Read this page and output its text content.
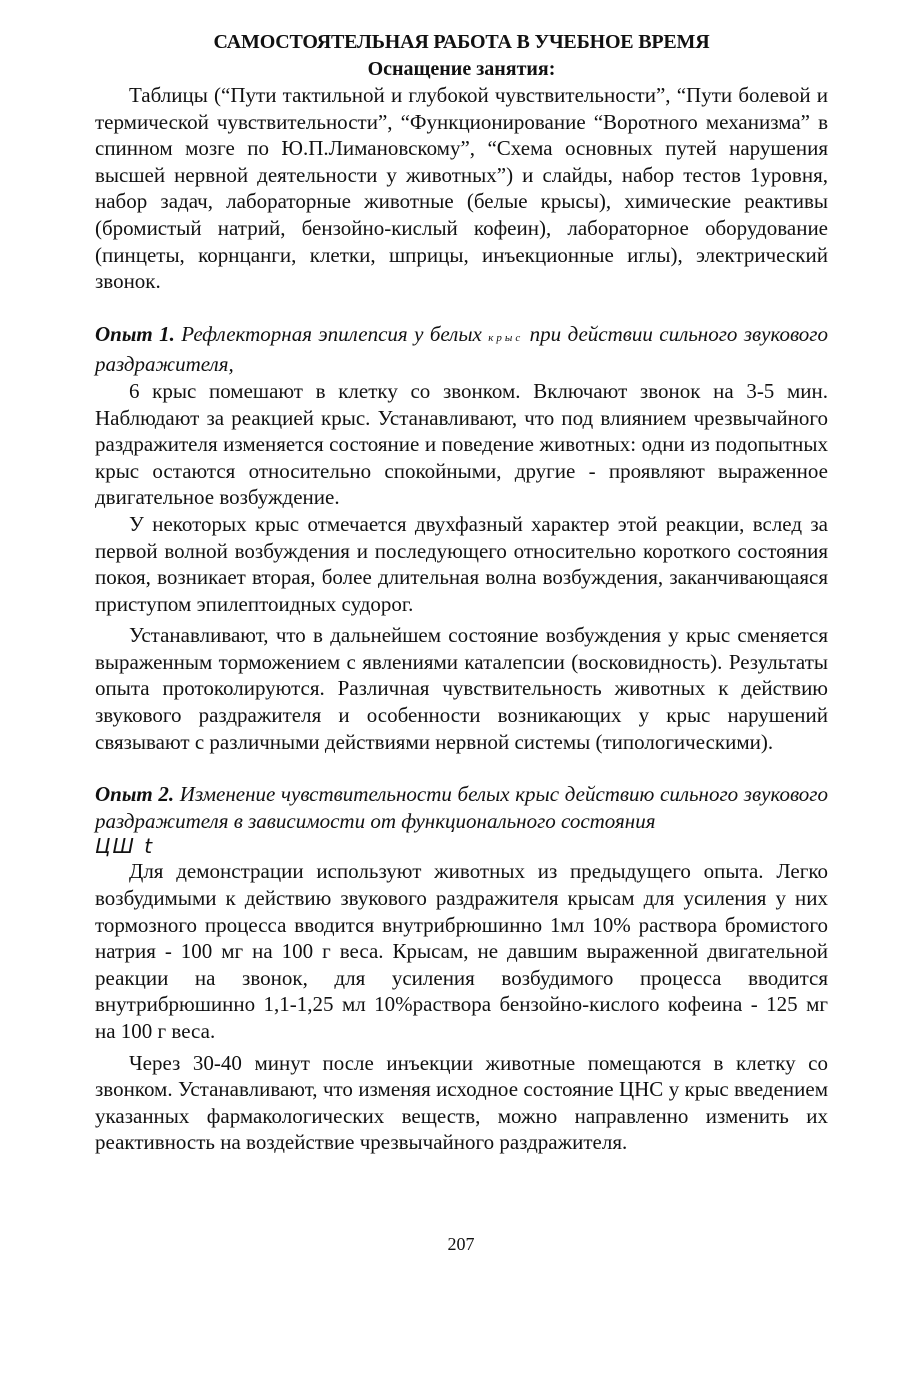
САМОСТОЯТЕЛЬНАЯ РАБОТА В УЧЕБНОЕ ВРЕМЯ
Оснащение занятия:

Таблицы (“Пути тактильной и глубокой чувствительности”, “Пути болевой и термической чувствительности”, “Функционирование “Воротного механизма” в спинном мозге по Ю.П.Лимановскому”, “Схема основных путей нарушения высшей нервной деятельности у животных”) и слайды, набор тестов 1уровня, набор задач, лабораторные животные (белые крысы), химические реактивы (бромистый натрий, бензойно-кислый кофеин), лабораторное оборудование (пинцеты, корнцанги, клетки, шприцы, инъекционные иглы), электрический звонок.

Опыт 1. Рефлекторная эпилепсия у белых крыс при действии сильного звукового раздражителя,

6 крыс помешают в клетку со звонком. Включают звонок на 3-5 мин. Наблюдают за реакцией крыс. Устанавливают, что под влиянием чрезвычайного раздражителя изменяется состояние и поведение животных: одни из подопытных крыс остаются относительно спокойными, другие - проявляют выраженное двигательное возбуждение.

У некоторых крыс отмечается двухфазный характер этой реакции, вслед за первой волной возбуждения и последующего относительно короткого состояния покоя, возникает вторая, более длительная волна возбуждения, заканчивающаяся приступом эпилептоидных судорог.

Устанавливают, что в дальнейшем состояние возбуждения у крыс сменяется выраженным торможением с явлениями каталепсии (восковидность). Результаты опыта протоколируются. Различная чувствительность животных к действию звукового раздражителя и особенности возникающих у крыс нарушений связывают с различными действиями нервной системы (типологическими).

Опыт 2. Изменение чувствительности белых крыс действию сильного звукового раздражителя в зависимости от функционального состояния
ЦШ t

Для демонстрации используют животных из предыдущего опыта. Легко возбудимыми к действию звукового раздражителя крысам для усиления у них тормозного процесса вводится внутрибрюшинно 1мл 10% раствора бромистого натрия - 100 мг на 100 г веса. Крысам, не давшим выраженной двигательной реакции на звонок, для усиления возбудимого процесса вводится внутрибрюшинно 1,1-1,25 мл 10%раствора бензойно-кислого кофеина - 125 мг на 100 г веса.

Через 30-40 минут после инъекции животные помещаются в клетку со звонком. Устанавливают, что изменяя исходное состояние ЦНС у крыс введением указанных фармакологических веществ, можно направленно изменить их реактивность на воздействие чрезвычайного раздражителя.

207
